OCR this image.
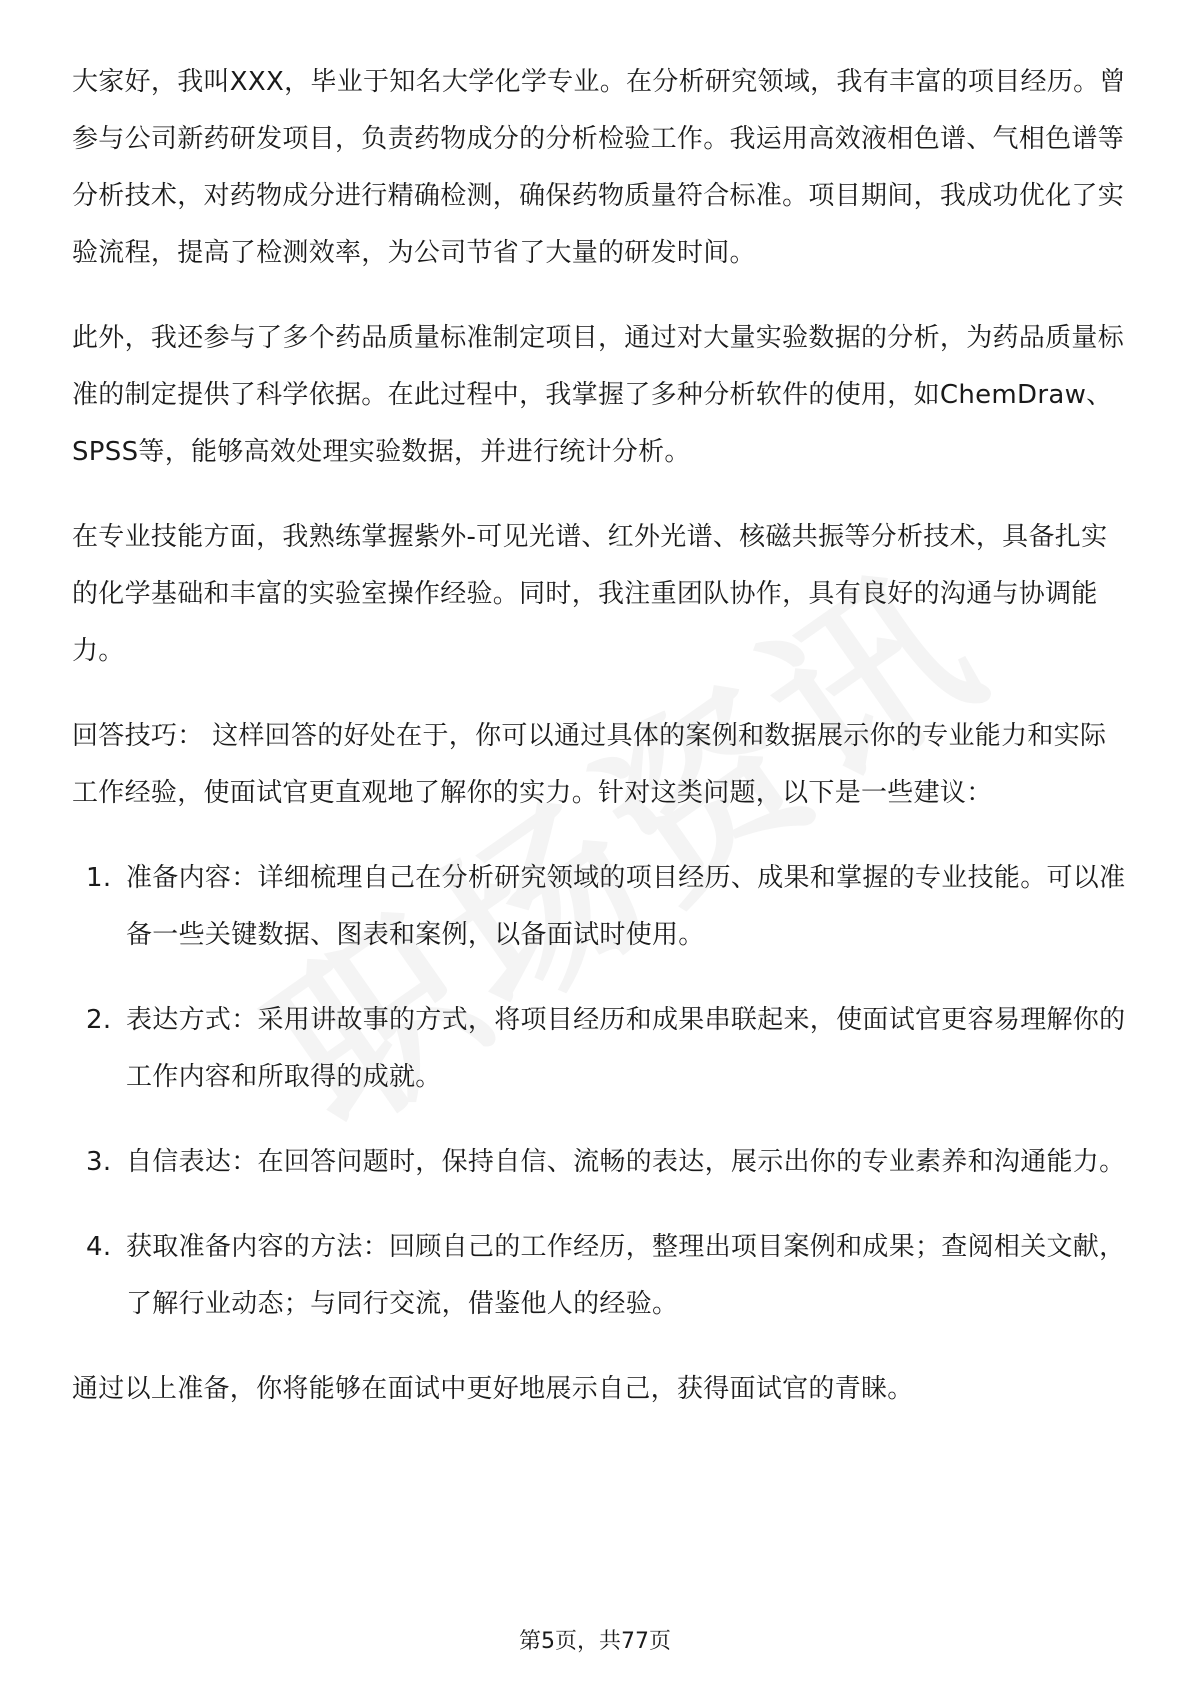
大家好，我叫XXX，毕业于知名大学化学专业。在分析研究领域，我有丰富的项目经历。曾参与公司新药研发项目，负责药物成分的分析检验工作。我运用高效液相色谱、气相色谱等分析技术，对药物成分进行精确检测，确保药物质量符合标准。项目期间，我成功优化了实验流程，提高了检测效率，为公司节省了大量的研发时间。

此外，我还参与了多个药品质量标准制定项目，通过对大量实验数据的分析，为药品质量标准的制定提供了科学依据。在此过程中，我掌握了多种分析软件的使用，如ChemDraw、SPSS等，能够高效处理实验数据，并进行统计分析。

在专业技能方面，我熟练掌握紫外-可见光谱、红外光谱、核磁共振等分析技术，具备扎实的化学基础和丰富的实验室操作经验。同时，我注重团队协作，具有良好的沟通与协调能力。

回答技巧： 这样回答的好处在于，你可以通过具体的案例和数据展示你的专业能力和实际工作经验，使面试官更直观地了解你的实力。针对这类问题，以下是一些建议：

1. 准备内容：详细梳理自己在分析研究领域的项目经历、成果和掌握的专业技能。可以准备一些关键数据、图表和案例，以备面试时使用。
2. 表达方式：采用讲故事的方式，将项目经历和成果串联起来，使面试官更容易理解你的工作内容和所取得的成就。
3. 自信表达：在回答问题时，保持自信、流畅的表达，展示出你的专业素养和沟通能力。
4. 获取准备内容的方法：回顾自己的工作经历，整理出项目案例和成果；查阅相关文献，了解行业动态；与同行交流，借鉴他人的经验。

通过以上准备，你将能够在面试中更好地展示自己，获得面试官的青睐。

第5页，共77页
